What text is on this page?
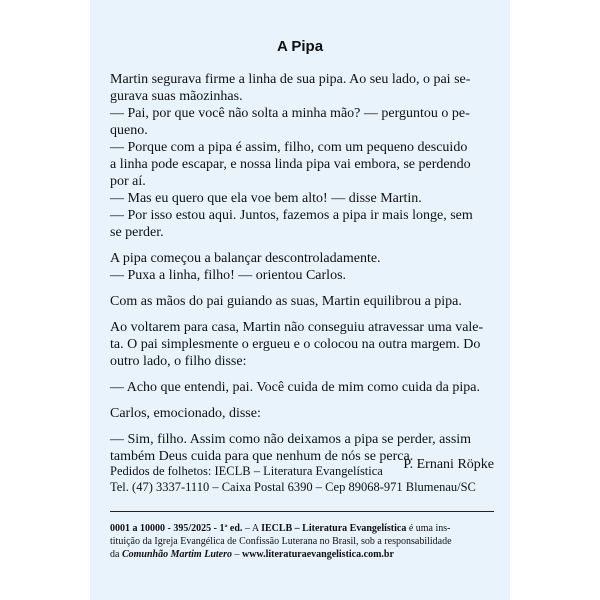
A Pipa

Martin segurava firme a linha de sua pipa. Ao seu lado, o pai se-
gurava suas mãozinhas.

— Pai, por que você não solta a minha mão? — perguntou o pe-
queno.

— Porque com a pipa é assim, filho, com um pequeno descuido
a linha pode escapar, e nossa linda pipa vai embora, se perdendo
por aí.

— Mas eu quero que ela voe bem alto! — disse Martin.

— Por isso estou aqui. Juntos, fazemos a pipa ir mais longe, sem
se perder.

A pipa começou a balançar descontroladamente.

— Puxa a linha, filho! — orientou Carlos.

Com as mãos do pai guiando as suas, Martin equilibrou a pipa.

Ao voltarem para casa, Martin não conseguiu atravessar uma vale-
ta. O pai simplesmente o ergueu e o colocou na outra margem. Do
outro lado, o filho disse:

— Acho que entendi, pai. Você cuida de mim como cuida da pipa.

Carlos, emocionado, disse:

— Sim, filho. Assim como não deixamos a pipa se perder, assim
também Deus cuida para que nenhum de nós se perca.

P. Ernani Röpke
Pedidos de folhetos: IECLB – Literatura Evangelística
Tel. (47) 3337-1110 – Caixa Postal 6390 – Cep 89068-971 Blumenau/SC
0001 a 10000 - 395/2025 - 1ª ed. – A IECLB – Literatura Evangelística é uma ins-
tituição da Igreja Evangélica de Confissão Luterana no Brasil, sob a responsabilidade
da Comunhão Martim Lutero – www.literaturaevangelistica.com.br
